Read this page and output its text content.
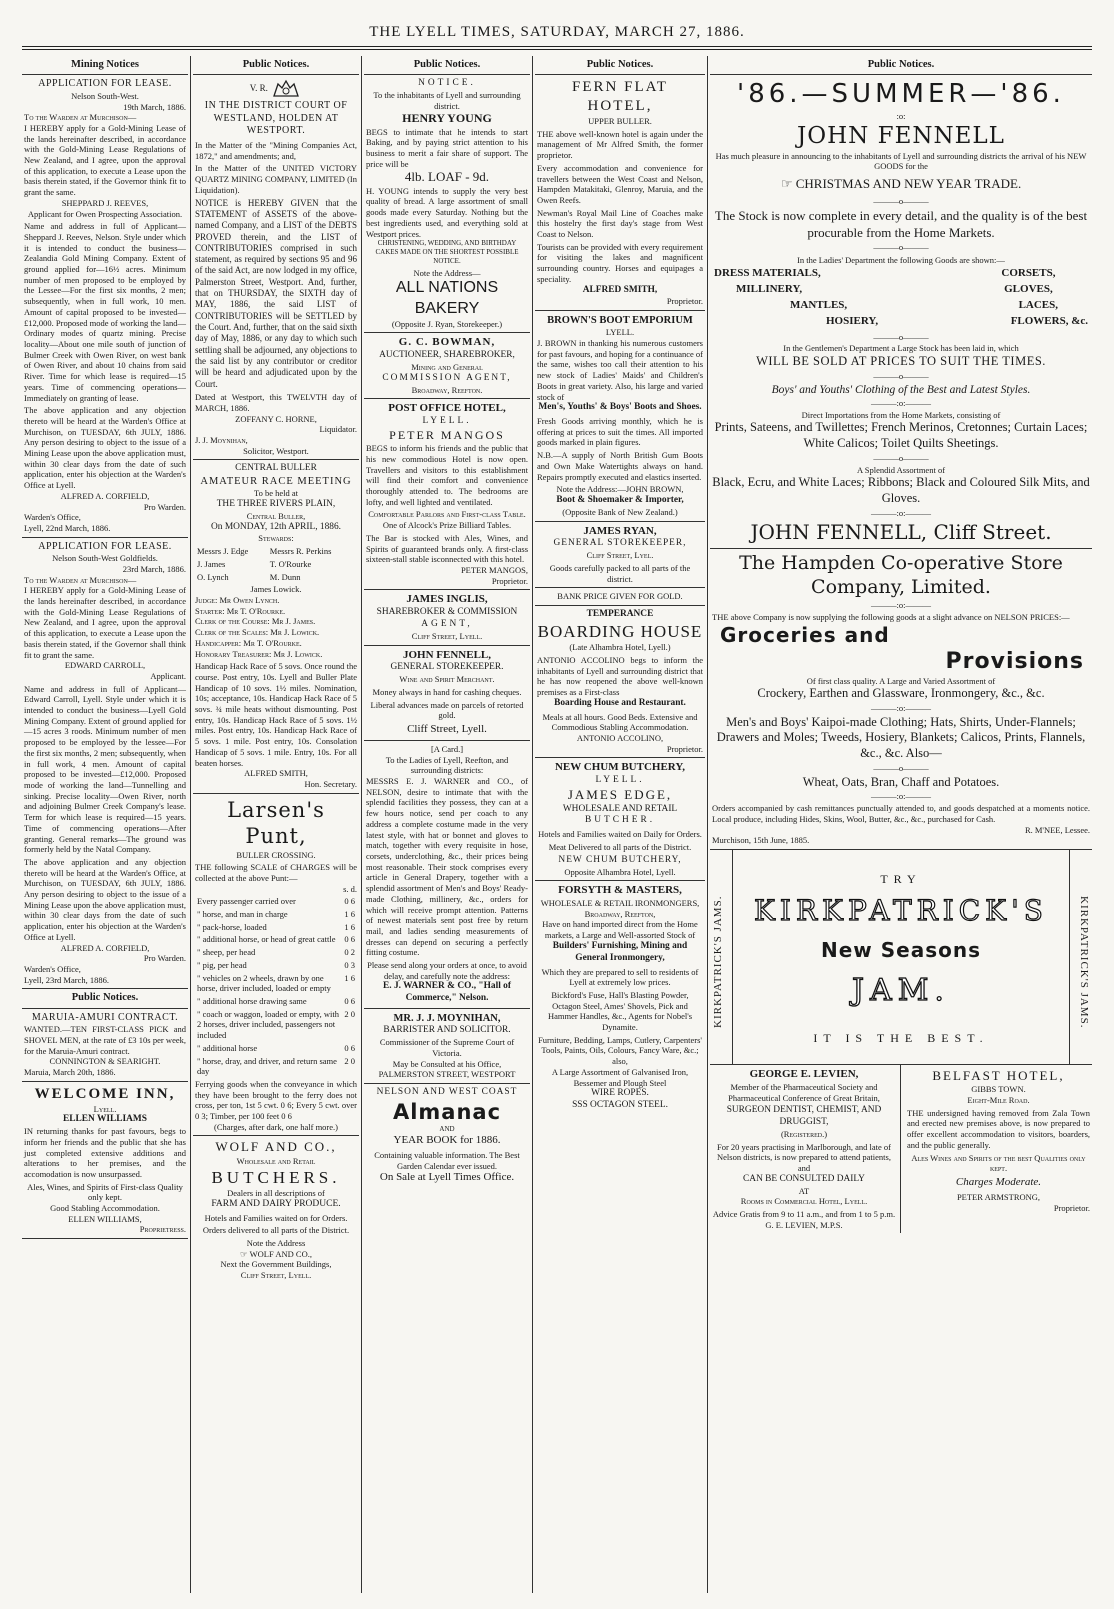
THE LYELL TIMES, SATURDAY, MARCH 27, 1886.
Mining Notices
APPLICATION FOR LEASE.
Nelson South-West.
19th March, 1886.
To the Warden at Murchison—
I HEREBY apply for a Gold-Mining Lease of the lands hereinafter described, in accordance with the Gold-Mining Lease Regulations of New Zealand, and I agree, upon the approval of this application, to execute a Lease upon the basis therein stated, if the Governor think fit to grant the same.
SHEPPARD J. REEVES,
Applicant for Owen Prospecting Association.
Name and address in full of Applicant—Sheppard J. Reeves, Nelson. Style under which it is intended to conduct the business—Zealandia Gold Mining Company. Extent of ground applied for—16½ acres. Minimum number of men proposed to be employed by the Lessee—For the first six months, 2 men; subsequently, when in full work, 10 men. Amount of capital proposed to be invested—£12,000. Proposed mode of working the land—Ordinary modes of quartz mining. Precise locality—About one mile south of junction of Bulmer Creek with Owen River, on west bank of Owen River, and about 10 chains from said River. Time for which lease is required—15 years. Time of commencing operations—Immediately on granting of lease.
The above application and any objection thereto will be heard at the Warden's Office at Murchison, on TUESDAY, 6th JULY, 1886. Any person desiring to object to the issue of a Mining Lease upon the above application must, within 30 clear days from the date of such application, enter his objection at the Warden's Office at Lyell.
ALFRED A. CORFIELD,
Pro Warden.
Warden's Office,
Lyell, 22nd March, 1886.
APPLICATION FOR LEASE.
Nelson South-West Goldfields.
23rd March, 1886.
To the Warden at Murchison—
I HEREBY apply for a Gold-Mining Lease of the lands hereinafter described, in accordance with the Gold-Mining Lease Regulations of New Zealand, and I agree, upon the approval of this application, to execute a Lease upon the basis therein stated, if the Governor shall think fit to grant the same.
EDWARD CARROLL,
Applicant.
Name and address in full of Applicant—Edward Carroll, Lyell. Style under which it is intended to conduct the business—Lyell Gold Mining Company. Extent of ground applied for—15 acres 3 roods. Minimum number of men proposed to be employed by the lessee—For the first six months, 2 men; subsequently, when in full work, 4 men. Amount of capital proposed to be invested—£12,000. Proposed mode of working the land—Tunnelling and sinking. Precise locality—Owen River, north and adjoining Bulmer Creek Company's lease. Term for which lease is required—15 years. Time of commencing operations—After granting. General remarks—The ground was formerly held by the Natal Company.
The above application and any objection thereto will be heard at the Warden's Office, at Murchison, on TUESDAY, 6th JULY, 1886. Any person desiring to object to the issue of a Mining Lease upon the above application must, within 30 clear days from the date of such application, enter his objection at the Warden's Office at Lyell.
ALFRED A. CORFIELD,
Pro Warden.
Warden's Office,
Lyell, 23rd March, 1886.
Public Notices.
MARUIA-AMURI CONTRACT.
WANTED.—TEN FIRST-CLASS PICK and SHOVEL MEN, at the rate of £3 10s per week, for the Maruia-Amuri contract.
CONNINGTON & SEARIGHT.
Maruia, March 20th, 1886.
WELCOME INN,
Lyell.
ELLEN WILLIAMS
IN returning thanks for past favours, begs to inform her friends and the public that she has just completed extensive additions and alterations to her premises, and the accomodation is now unsurpassed.
Ales, Wines, and Spirits of First-class Quality only kept.
Good Stabling Accommodation.
ELLEN WILLIAMS,
Proprietress.
Public Notices.
V. R.
IN THE DISTRICT COURT OF WESTLAND, HOLDEN AT WESTPORT.
In the Matter of the "Mining Companies Act, 1872," and amendments; and,
In the Matter of the UNITED VICTORY QUARTZ MINING COMPANY, LIMITED (In Liquidation).
NOTICE is HEREBY GIVEN that the STATEMENT of ASSETS of the above-named Company, and a LIST of the DEBTS PROVED therein, and the LIST of CONTRIBUTORIES comprised in such statement, as required by sections 95 and 96 of the said Act, are now lodged in my office, Palmerston Street, Westport. And, further, that on THURSDAY, the SIXTH day of MAY, 1886, the said LIST of CONTRIBUTORIES will be SETTLED by the Court. And, further, that on the said sixth day of May, 1886, or any day to which such settling shall be adjourned, any objections to the said list by any contributor or creditor will be heard and adjudicated upon by the Court.
Dated at Westport, this TWELVTH day of MARCH, 1886.
ZOFFANY C. HORNE,
Liquidator.
J. J. Moynihan,
Solicitor, Westport.
CENTRAL BULLER
AMATEUR RACE MEETING
To be held at
THE THREE RIVERS PLAIN,
Central Buller,
On MONDAY, 12th APRIL, 1886.
Stewards:
Messrs J. Edge	Messrs R. Perkins
J. James	T. O'Rourke
O. Lynch	M. Dunn
James Lowick.
Judge: Mr Owen Lynch.
Starter: Mr T. O'Rourke.
Clerk of the Course: Mr J. James.
Clerk of the Scales: Mr J. Lowick.
Handicapper: Mr T. O'Rourke.
Honorary Treasurer: Mr J. Lowick.
Handicap Hack Race of 5 sovs. Once round the course. Post entry, 10s. Lyell and Buller Plate Handicap of 10 sovs. 1½ miles. Nomination, 10s; acceptance, 10s. Handicap Hack Race of 5 sovs. ¾ mile heats without dismounting. Post entry, 10s. Handicap Hack Race of 5 sovs. 1½ miles. Post entry, 10s. Handicap Hack Race of 5 sovs. 1 mile. Post entry, 10s. Consolation Handicap of 5 sovs. 1 mile. Entry, 10s. For all beaten horses.
ALFRED SMITH,
Hon. Secretary.
Larsen's Punt,
BULLER CROSSING.
THE following SCALE of CHARGES will be collected at the above Punt:—
s. d.
Every passenger carried over	0 6
" horse, and man in charge	1 6
" pack-horse, loaded	1 6
" additional horse, or head of great cattle	0 6
" sheep, per head	0 2
" pig, per head	0 3
" vehicles on 2 wheels, drawn by one horse, driver included, loaded or empty	1 6
" additional horse drawing same	0 6
" coach or waggon, loaded or empty, with 2 horses, driver included, passengers not included	2 0
" additional horse	0 6
" horse, dray, and driver, and return same day	2 0
Ferrying goods when the conveyance in which they have been brought to the ferry does not cross, per ton, 1st 5 cwt. 0 6; Every 5 cwt. over 0 3; Timber, per 100 feet 0 6
(Charges, after dark, one half more.)
WOLF AND CO.,
Wholesale and Retail
BUTCHERS.
Dealers in all descriptions of
FARM AND DAIRY PRODUCE.
Hotels and Families waited on for Orders.
Orders delivered to all parts of the District.
Note the Address
☞ WOLF AND CO.,
Next the Government Buildings,
Cliff Street, Lyell.
Public Notices.
NOTICE.
To the inhabitants of Lyell and surrounding district.
HENRY YOUNG
BEGS to intimate that he intends to start Baking, and by paying strict attention to his business to merit a fair share of support. The price will be
4lb. LOAF - 9d.
H. YOUNG intends to supply the very best quality of bread. A large assortment of small goods made every Saturday. Nothing but the best ingredients used, and everything sold at Westport prices.
CHRISTENING, WEDDING, AND BIRTHDAY CAKES MADE ON THE SHORTEST POSSIBLE NOTICE.
Note the Address—
ALL NATIONS BAKERY
(Opposite J. Ryan, Storekeeper.)
G. C. BOWMAN,
AUCTIONEER, SHAREBROKER,
Mining and General
COMMISSION AGENT,
Broadway, Reefton.
POST OFFICE HOTEL,
LYELL.
PETER MANGOS
BEGS to inform his friends and the public that his new commodious Hotel is now open. Travellers and visitors to this establishment will find their comfort and convenience thoroughly attended to. The bedrooms are lofty, and well lighted and ventilated.
Comfortable Parlors and First-class Table.
One of Alcock's Prize Billiard Tables.
The Bar is stocked with Ales, Wines, and Spirits of guaranteed brands only. A first-class sixteen-stall stable isconnected with this hotel.
PETER MANGOS,
Proprietor.
JAMES INGLIS,
SHAREBROKER & COMMISSION
AGENT,
Cliff Street, Lyell.
JOHN FENNELL,
GENERAL STOREKEEPER.
Wine and Spirit Merchant.
Money always in hand for cashing cheques.
Liberal advances made on parcels of retorted gold.
Cliff Street, Lyell.
[A Card.]
To the Ladies of Lyell, Reefton, and surrounding districts:
MESSRS E. J. WARNER and CO., of NELSON, desire to intimate that with the splendid facilities they possess, they can at a few hours notice, send per coach to any address a complete costume made in the very latest style, with hat or bonnet and gloves to match, together with every requisite in hose, corsets, underclothing, &c., their prices being most reasonable. Their stock comprises every article in General Drapery, together with a splendid assortment of Men's and Boys' Ready-made Clothing, millinery, &c., orders for which will receive prompt attention. Patterns of newest materials sent post free by return mail, and ladies sending measurements of dresses can depend on securing a perfectly fitting costume.
Please send along your orders at once, to avoid delay, and carefully note the address:
E. J. WARNER & CO., "Hall of Commerce," Nelson.
MR. J. J. MOYNIHAN,
BARRISTER AND SOLICITOR.
Commissioner of the Supreme Court of Victoria.
May be Consulted at his Office,
PALMERSTON STREET, WESTPORT
NELSON AND WEST COAST
Almanac
AND
YEAR BOOK for 1886.
Containing valuable information. The Best Garden Calendar ever issued.
On Sale at Lyell Times Office.
Public Notices.
FERN FLAT HOTEL,
UPPER BULLER.
THE above well-known hotel is again under the management of Mr Alfred Smith, the former proprietor.
Every accommodation and convenience for travellers between the West Coast and Nelson, Hampden Matakitaki, Glenroy, Maruia, and the Owen Reefs.
Newman's Royal Mail Line of Coaches make this hostelry the first day's stage from West Coast to Nelson.
Tourists can be provided with every requirement for visiting the lakes and magnificent surrounding country. Horses and equipages a speciality.
ALFRED SMITH,
Proprietor.
BROWN'S BOOT EMPORIUM
LYELL.
J. BROWN in thanking his numerous customers for past favours, and hoping for a continuance of the same, wishes too call their attention to his new stock of Ladies' Maids' and Children's Boots in great variety. Also, his large and varied stock of
Men's, Youths' & Boys' Boots and Shoes.
Fresh Goods arriving monthly, which he is offering at prices to suit the times. All imported goods marked in plain figures.
N.B.—A supply of North British Gum Boots and Own Make Watertights always on hand. Repairs promptly executed and elastics inserted.
Note the Address:—JOHN BROWN,
Boot & Shoemaker & Importer,
(Opposite Bank of New Zealand.)
JAMES RYAN,
GENERAL STOREKEEPER,
Cliff Street, Lyel.
Goods carefully packed to all parts of the district.
BANK PRICE GIVEN FOR GOLD.
TEMPERANCE
BOARDING HOUSE
(Late Alhambra Hotel, Lyell.)
ANTONIO ACCOLINO begs to inform the inhabitants of Lyell and surrounding district that he has now reopened the above well-known premises as a First-class
Boarding House and Restaurant.
Meals at all hours. Good Beds. Extensive and Commodious Stabling Accommodation.
ANTONIO ACCOLINO,
Proprietor.
NEW CHUM BUTCHERY,
LYELL.
JAMES EDGE,
WHOLESALE AND RETAIL
BUTCHER.
Hotels and Families waited on Daily for Orders.
Meat Delivered to all parts of the District.
NEW CHUM BUTCHERY,
Opposite Alhambra Hotel, Lyell.
FORSYTH & MASTERS,
WHOLESALE & RETAIL IRONMONGERS,
Broadway, Reefton,
Have on hand imported direct from the Home markets, a Large and Well-assorted Stock of
Builders' Furnishing, Mining and General Ironmongery,
Which they are prepared to sell to residents of Lyell at extremely low prices.
Bickford's Fuse, Hall's Blasting Powder, Octagon Steel, Ames' Shovels, Pick and Hammer Handles, &c., Agents for Nobel's Dynamite.
Furniture, Bedding, Lamps, Cutlery, Carpenters' Tools, Paints, Oils, Colours, Fancy Ware, &c.; also,
A Large Assortment of Galvanised Iron, Bessemer and Plough Steel
WIRE ROPES.
SSS OCTAGON STEEL.
Public Notices.
'86.—SUMMER—'86.
:o:
JOHN FENNELL
Has much pleasure in announcing to the inhabitants of Lyell and surrounding districts the arrival of his NEW GOODS for the
☞ CHRISTMAS AND NEW YEAR TRADE.
———o———
The Stock is now complete in every detail, and the quality is of the best procurable from the Home Markets.
———o———
In the Ladies' Department the following Goods are shown:—
DRESS MATERIALS,	CORSETS,
MILLINERY,	GLOVES,
MANTLES,	LACES,
HOSIERY,	FLOWERS, &c.
———o———
In the Gentlemen's Department a Large Stock has been laid in, which
WILL BE SOLD AT PRICES TO SUIT THE TIMES.
———o———
Boys' and Youths' Clothing of the Best and Latest Styles.
———:o:———
Direct Importations from the Home Markets, consisting of
Prints, Sateens, and Twillettes; French Merinos, Cretonnes; Curtain Laces; White Calicos; Toilet Quilts Sheetings.
———o———
A Splendid Assortment of
Black, Ecru, and White Laces; Ribbons; Black and Coloured Silk Mits, and Gloves.
———:o:———
JOHN FENNELL, Cliff Street.
The Hampden Co-operative Store Company, Limited.
———:o:———
THE above Company is now supplying the following goods at a slight advance on NELSON PRICES:—
Groceries and
Provisions
Of first class quality. A Large and Varied Assortment of
Crockery, Earthen and Glassware, Ironmongery, &c., &c.
———:o:———
Men's and Boys' Kaipoi-made Clothing; Hats, Shirts, Under-Flannels; Drawers and Moles; Tweeds, Hosiery, Blankets; Calicos, Prints, Flannels, &c., &c. Also—
———o———
Wheat, Oats, Bran, Chaff and Potatoes.
———:o:———
Orders accompanied by cash remittances punctually attended to, and goods despatched at a moments notice. Local produce, including Hides, Skins, Wool, Butter, &c., &c., purchased for Cash.
R. M'NEE, Lessee.
Murchison, 15th June, 1885.
KIRKPATRICK'S JAMS.	KIRKPATRICK'S JAMS.
TRY
KIRKPATRICK'S
New Seasons
JAM.
IT IS THE BEST.
GEORGE E. LEVIEN,
Member of the Pharmaceutical Society and Pharmaceutical Conference of Great Britain,
SURGEON DENTIST, CHEMIST, AND DRUGGIST,
(Registered.)
For 20 years practising in Marlborough, and late of Nelson districts, is now prepared to attend patients, and
CAN BE CONSULTED DAILY
AT
Rooms in Commercial Hotel, Lyell.
Advice Gratis from 9 to 11 a.m., and from 1 to 5 p.m.
G. E. LEVIEN, M.P.S.
BELFAST HOTEL,
GIBBS TOWN.
Eight-Mile Road.
THE undersigned having removed from Zala Town and erected new premises above, is now prepared to offer excellent accommodation to visitors, boarders, and the public generally.
Ales Wines and Spirits of the best Qualities only kept.
Charges Moderate.
PETER ARMSTRONG,
Proprietor.
